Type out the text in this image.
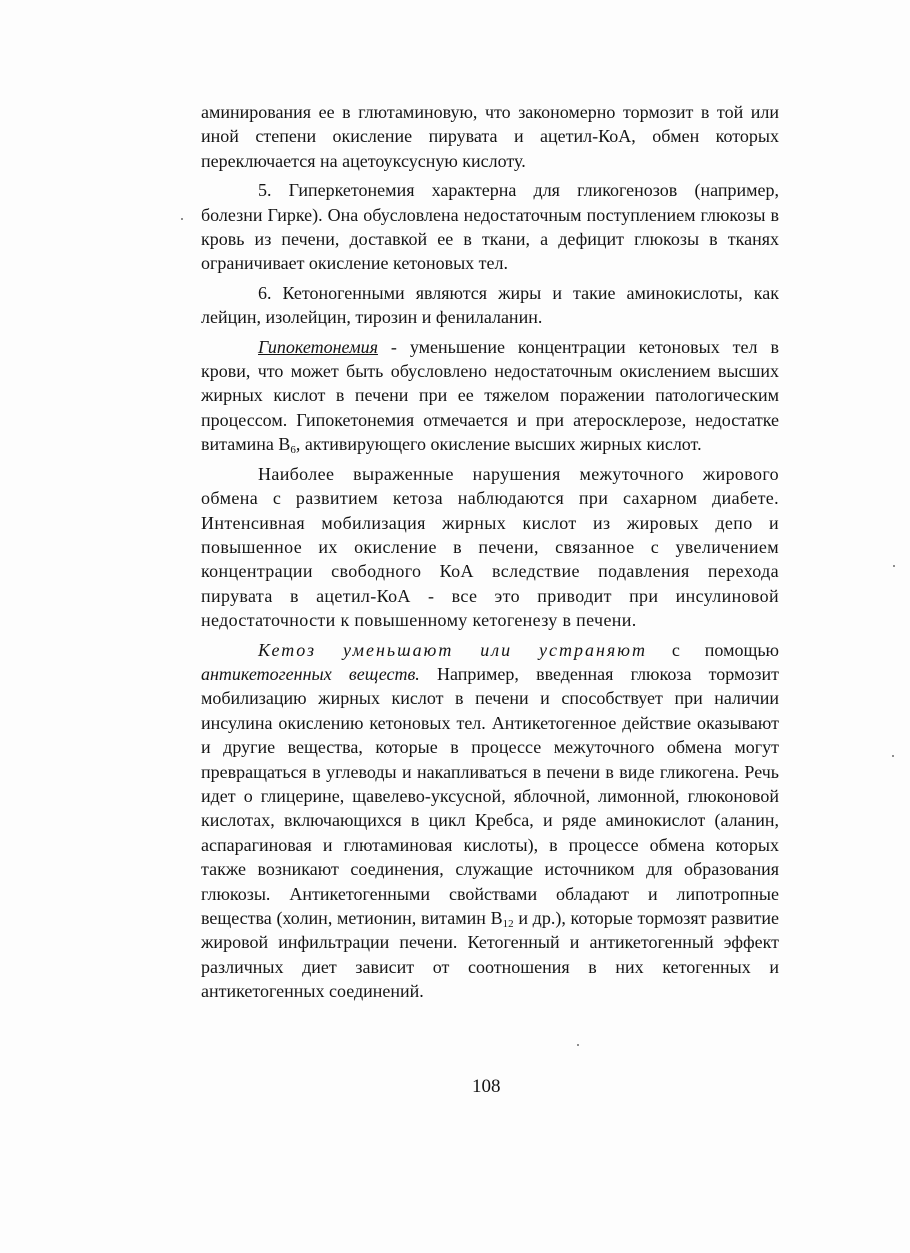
аминирования ее в глютаминовую, что закономерно тормозит в той или иной степени окисление пирувата и ацетил-КоА, обмен которых переключается на ацетоуксусную кислоту.

5. Гиперкетонемия характерна для гликогенозов (например, болезни Гирке). Она обусловлена недостаточным поступлением глюкозы в кровь из печени, доставкой ее в ткани, а дефицит глюкозы в тканях ограничивает окисление кетоновых тел.

6. Кетоногенными являются жиры и такие аминокислоты, как лейцин, изолейцин, тирозин и фенилаланин.

Гипокетонемия - уменьшение концентрации кетоновых тел в крови, что может быть обусловлено недостаточным окислением высших жирных кислот в печени при ее тяжелом поражении патологическим процессом. Гипокетонемия отмечается и при атеросклерозе, недостатке витамина $В_6$, активирующего окисление высших жирных кислот.

Наиболее выраженные нарушения межуточного жирового обмена с развитием кетоза наблюдаются при сахарном диабете. Интенсивная мобилизация жирных кислот из жировых депо и повышенное их окисление в печени, связанное с увеличением концентрации свободного КоА вследствие подавления перехода пирувата в ацетил-КоА - все это приводит при инсулиновой недостаточности к повышенному кетогенезу в печени.

Кетоз уменьшают или устраняют с помощью антикетогенных веществ. Например, введенная глюкоза тормозит мобилизацию жирных кислот в печени и способствует при наличии инсулина окислению кетоновых тел. Антикетогенное действие оказывают и другие вещества, которые в процессе межуточного обмена могут превращаться в углеводы и накапливаться в печени в виде гликогена. Речь идет о глицерине, щавелево-уксусной, яблочной, лимонной, глюконовой кислотах, включающихся в цикл Кребса, и ряде аминокислот (аланин, аспарагиновая и глютаминовая кислоты), в процессе обмена которых также возникают соединения, служащие источником для образования глюкозы. Антикетогенными свойствами обладают и липотропные вещества (холин, метионин, витамин $В_{12}$ и др.), которые тормозят развитие жировой инфильтрации печени. Кетогенный и антикетогенный эффект различных диет зависит от соотношения в них кетогенных и антикетогенных соединений.

108
